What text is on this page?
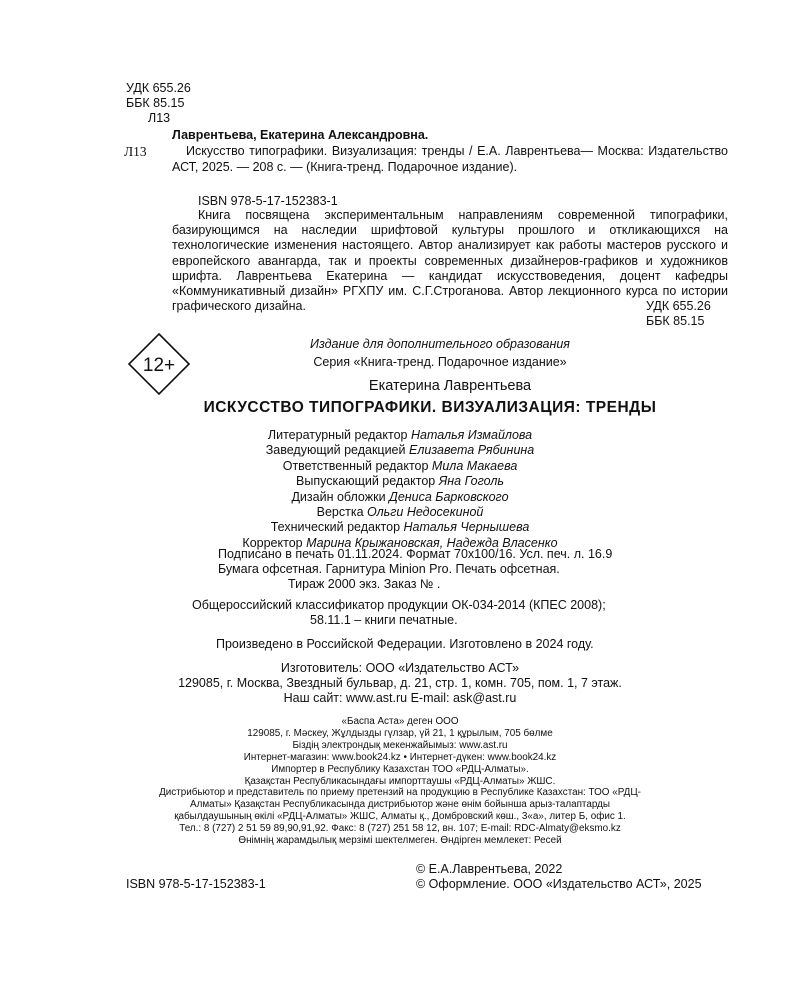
УДК 655.26
ББК 85.15
Л13
Лаврентьева, Екатерина Александровна.
Л13	Искусство типографики. Визуализация: тренды / Е.А. Лаврентьева— Москва: Издательство АСТ, 2025. — 208 с. — (Книга-тренд. Подарочное издание).
ISBN 978-5-17-152383-1
Книга посвящена экспериментальным направлениям современной типографики, базирующимся на наследии шрифтовой культуры прошлого и откликающихся на технологические изменения настоящего. Автор анализирует как работы мастеров русского и европейского авангарда, так и проекты современных дизайнеров-графиков и художников шрифта. Лаврентьева Екатерина — кандидат искусствоведения, доцент кафедры «Коммуникативный дизайн» РГХПУ им. С.Г.Строганова. Автор лекционного курса по истории графического дизайна.	УДК 655.26
ББК 85.15
12+
Издание для дополнительного образования
Серия «Книга-тренд. Подарочное издание»
Екатерина Лаврентьева
ИСКУССТВО ТИПОГРАФИКИ. ВИЗУАЛИЗАЦИЯ: ТРЕНДЫ
Литературный редактор Наталья Измайлова
Заведующий редакцией Елизавета Рябинина
Ответственный редактор Мила Макаева
Выпускающий редактор Яна Гоголь
Дизайн обложки Дениса Барковского
Верстка Ольги Недосекиной
Технический редактор Наталья Чернышева
Корректор Марина Крыжановская, Надежда Власенко
Подписано в печать 01.11.2024. Формат 70x100/16. Усл. печ. л. 16.9
Бумага офсетная. Гарнитура Minion Pro. Печать офсетная.
Тираж 2000 экз. Заказ № .
Общероссийский классификатор продукции ОК-034-2014 (КПЕС 2008);
58.11.1 – книги печатные.
Произведено в Российской Федерации. Изготовлено в 2024 году.
Изготовитель: ООО «Издательство АСТ»
129085, г. Москва, Звездный бульвар, д. 21, стр. 1, комн. 705, пом. 1, 7 этаж.
Наш сайт: www.ast.ru E-mail: ask@ast.ru
«Баспа Аста» деген ООО
129085, г. Мәскеу, Жұлдызды гүлзар, үй 21, 1 құрылым, 705 бөлме
Біздің электрондық мекенжайымыз: www.ast.ru
Интернет-магазин: www.book24.kz • Интернет-дүкен: www.book24.kz
Импортер в Республику Казахстан ТОО «РДЦ-Алматы».
Қазақстан Республикасындағы импорттаушы «РДЦ-Алматы» ЖШС.
Дистрибьютор и представитель по приему претензий на продукцию в Республике Казахстан: ТОО «РДЦ-
Алматы» Қазақстан Республикасында дистрибьютор және өнім бойынша арыз-талаптарды
қабылдаушының өкілі «РДЦ-Алматы» ЖШС, Алматы қ., Домбровский көш., 3«а», литер Б, офис 1.
Тел.: 8 (727) 2 51 59 89,90,91,92. Факс: 8 (727) 251 58 12, вн. 107; E-mail: RDC-Almaty@eksmo.kz
Өнімнің жарамдылық мерзімі шектелмеген. Өндірген мемлекет: Ресей
© Е.А.Лаврентьева, 2022
© Оформление. ООО «Издательство АСТ», 2025
ISBN 978-5-17-152383-1
